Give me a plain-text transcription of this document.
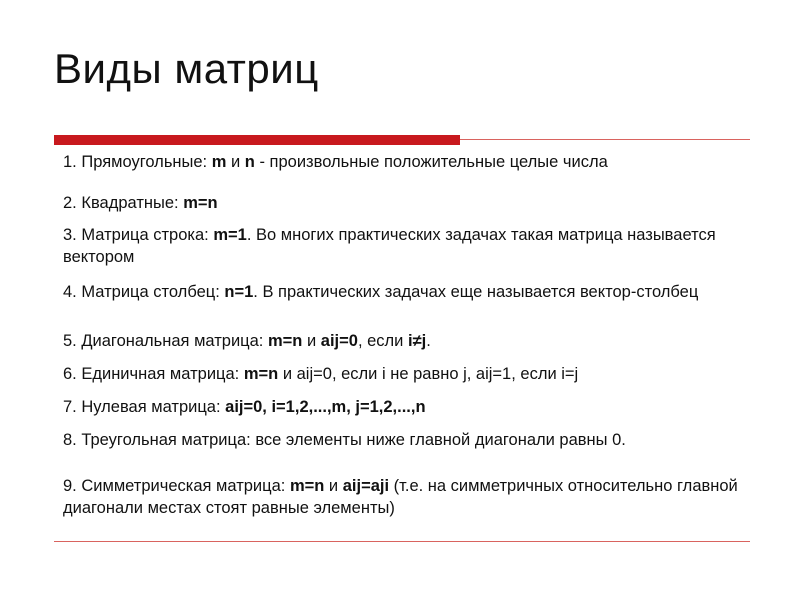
Виды матриц
1. Прямоугольные: m и n - произвольные положительные целые числа
2. Квадратные: m=n
3. Матрица строка: m=1. Во многих практических задачах такая матрица называется вектором
4. Матрица столбец: n=1. В практических задачах еще называется вектор-столбец
5. Диагональная матрица: m=n и aij=0, если i≠j.
6. Единичная матрица: m=n и aij=0, если i не равно j, aij=1, если i=j
7. Нулевая матрица: aij=0, i=1,2,...,m, j=1,2,...,n
8. Треугольная матрица: все элементы ниже главной диагонали равны 0.
9. Симметрическая матрица: m=n и aij=aji (т.е. на симметричных относительно главной диагонали местах стоят равные элементы)
